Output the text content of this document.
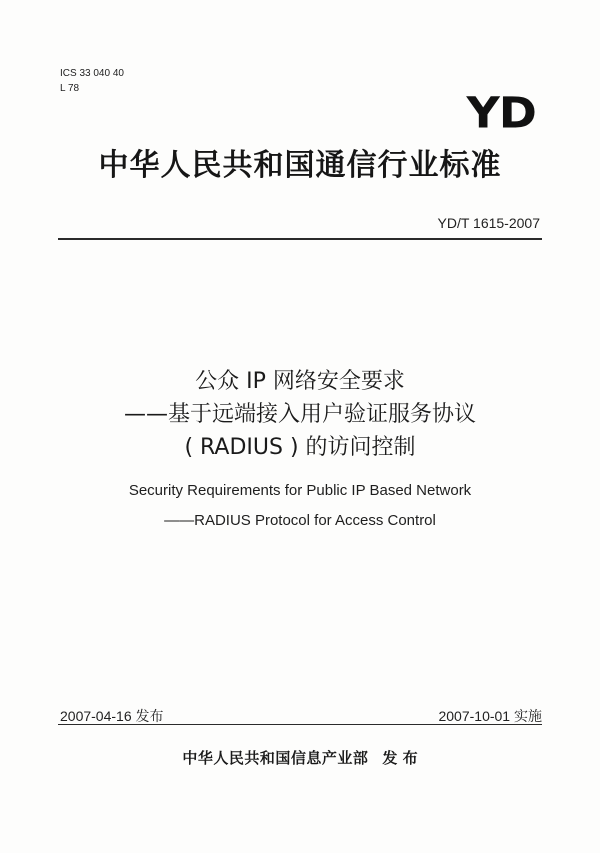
ICS 33 040 40
L 78	YD
中华人民共和国通信行业标准
YD/T 1615-2007
公众 IP 网络安全要求
——基于远端接入用户验证服务协议
( RADIUS ) 的访问控制
Security Requirements for Public IP Based Network
——RADIUS Protocol for Access Control
2007-04-16 发布	2007-10-01 实施
中华人民共和国信息产业部 发 布
